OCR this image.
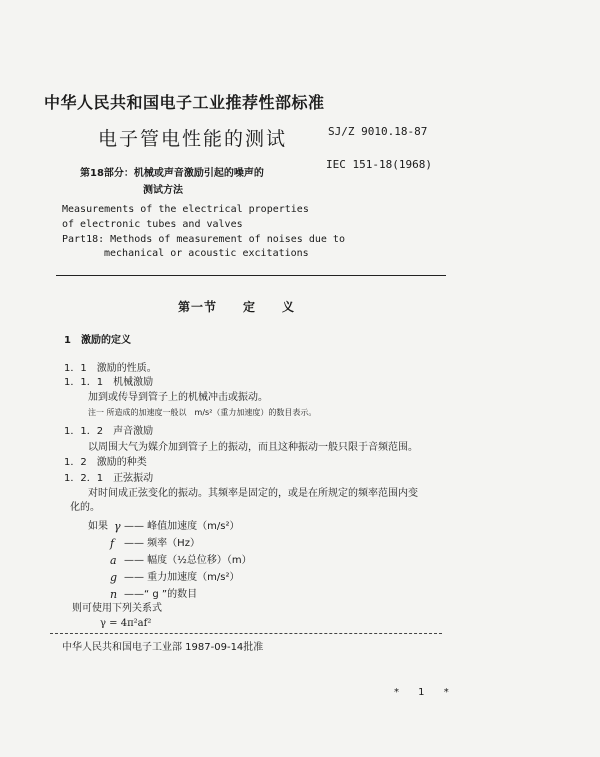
中华人民共和国电子工业推荐性部标准
电子管电性能的测试	SJ/Z 9010.18-87
IEC 151-18(1968)
第18部分：机械或声音激励引起的噪声的
测试方法
Measurements of the electrical properties
of electronic tubes and valves
Part18: Methods of measurement of noises due to
mechanical or acoustic excitations
第一节　　定　　义
1　激励的定义
1．1　激励的性质。
1．1．1　机械激励
加到或传导到管子上的机械冲击或振动。
注一 所造成的加速度一般以　m/s²（重力加速度）的数目表示。
1．1．2　声音激励
以周围大气为媒介加到管子上的振动，而且这种振动一般只限于音频范围。
1．2　激励的种类
1．2．1　正弦振动
对时间成正弦变化的振动。其频率是固定的，或是在所规定的频率范围内变
化的。
如果 γ —— 峰值加速度（m/s²）
f —— 频率（Hz）
a —— 幅度（½总位移）（m）
g —— 重力加速度（m/s²）
n ——“ g ”的数目
则可使用下列关系式
γ = 4π²af²
中华人民共和国电子工业部 1987-09-14批准
* 1 *
